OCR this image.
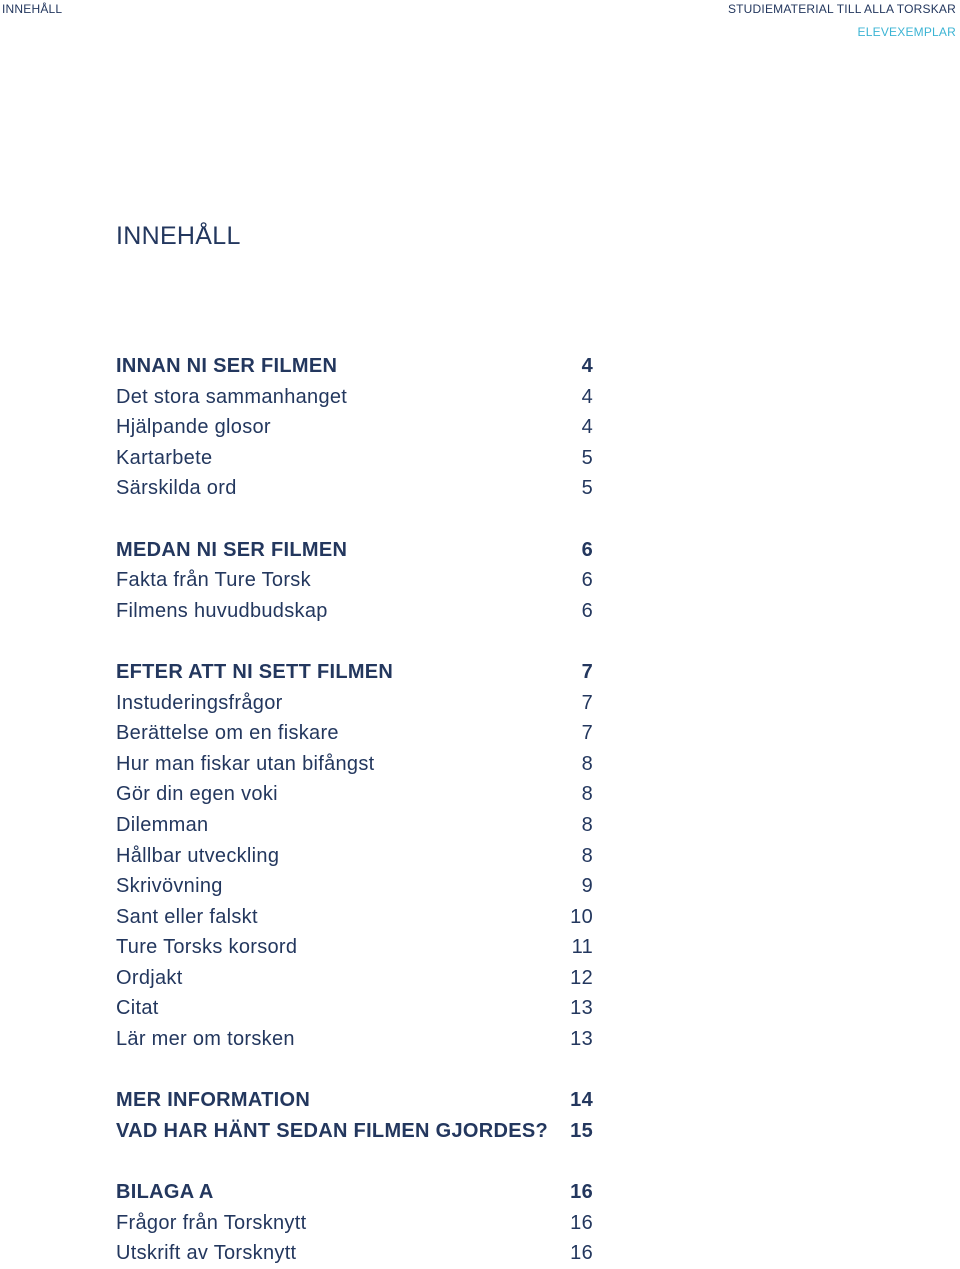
INNEHÅLL	STUDIEMATERIAL TILL ALLA TORSKAR
ELEVEXEMPLAR
INNEHÅLL
INNAN NI SER FILMEN	4
Det stora sammanhanget	4
Hjälpande glosor	4
Kartarbete	5
Särskilda ord	5
MEDAN NI SER FILMEN	6
Fakta från Ture Torsk	6
Filmens huvudbudskap	6
EFTER ATT NI SETT FILMEN	7
Instuderingsfrågor	7
Berättelse om en fiskare	7
Hur man fiskar utan bifångst	8
Gör din egen voki	8
Dilemman	8
Hållbar utveckling	8
Skrivövning	9
Sant eller falskt	10
Ture Torsks korsord	11
Ordjakt	12
Citat	13
Lär mer om torsken	13
MER INFORMATION	14
VAD HAR HÄNT SEDAN FILMEN GJORDES? 15
BILAGA A	16
Frågor från Torsknytt	16
Utskrift av Torsknytt	16
